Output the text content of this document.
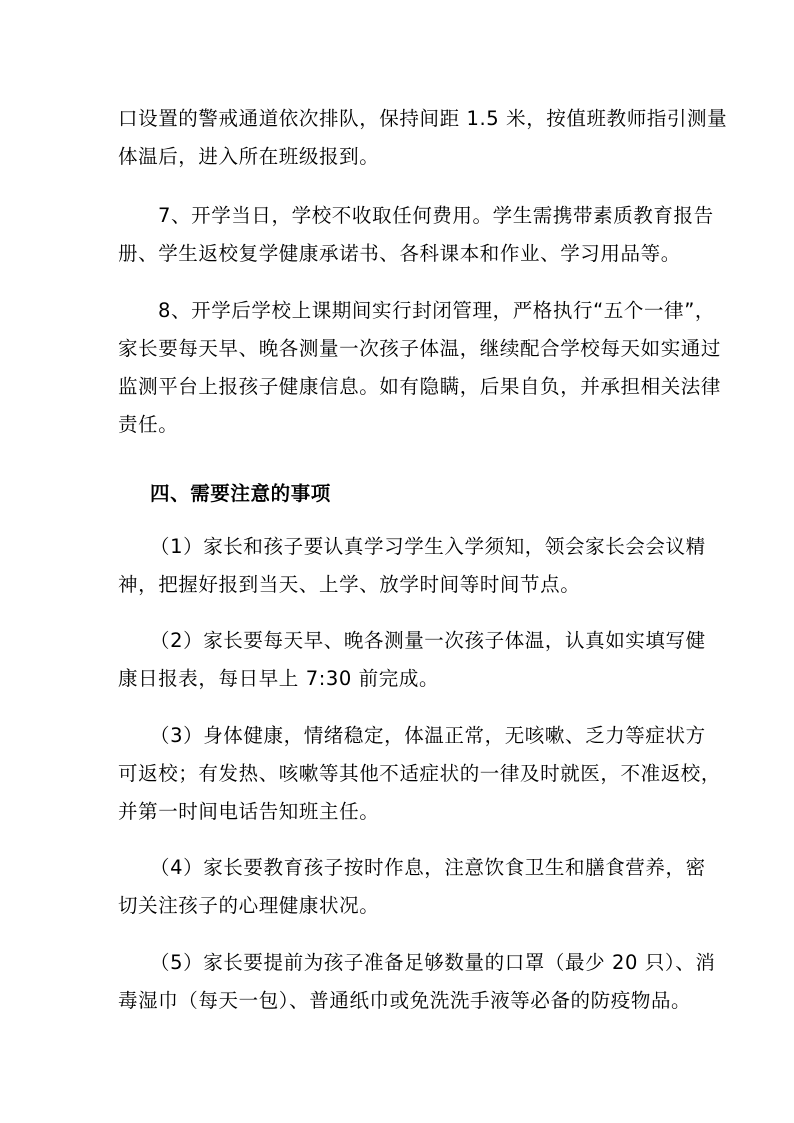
口设置的警戒通道依次排队，保持间距 1.5 米，按值班教师指引测量

体温后，进入所在班级报到。

7、开学当日，学校不收取任何费用。学生需携带素质教育报告

册、学生返校复学健康承诺书、各科课本和作业、学习用品等。

8、开学后学校上课期间实行封闭管理，严格执行“五个一律”，

家长要每天早、晚各测量一次孩子体温，继续配合学校每天如实通过

监测平台上报孩子健康信息。如有隐瞒，后果自负，并承担相关法律

责任。

四、需要注意的事项

（1）家长和孩子要认真学习学生入学须知，领会家长会会议精

神，把握好报到当天、上学、放学时间等时间节点。

（2）家长要每天早、晚各测量一次孩子体温，认真如实填写健

康日报表，每日早上 7:30 前完成。

（3）身体健康，情绪稳定，体温正常，无咳嗽、乏力等症状方

可返校；有发热、咳嗽等其他不适症状的一律及时就医，不准返校，

并第一时间电话告知班主任。

（4）家长要教育孩子按时作息，注意饮食卫生和膳食营养，密

切关注孩子的心理健康状况。

（5）家长要提前为孩子准备足够数量的口罩（最少 20 只）、消

毒湿巾（每天一包）、普通纸巾或免洗洗手液等必备的防疫物品。
